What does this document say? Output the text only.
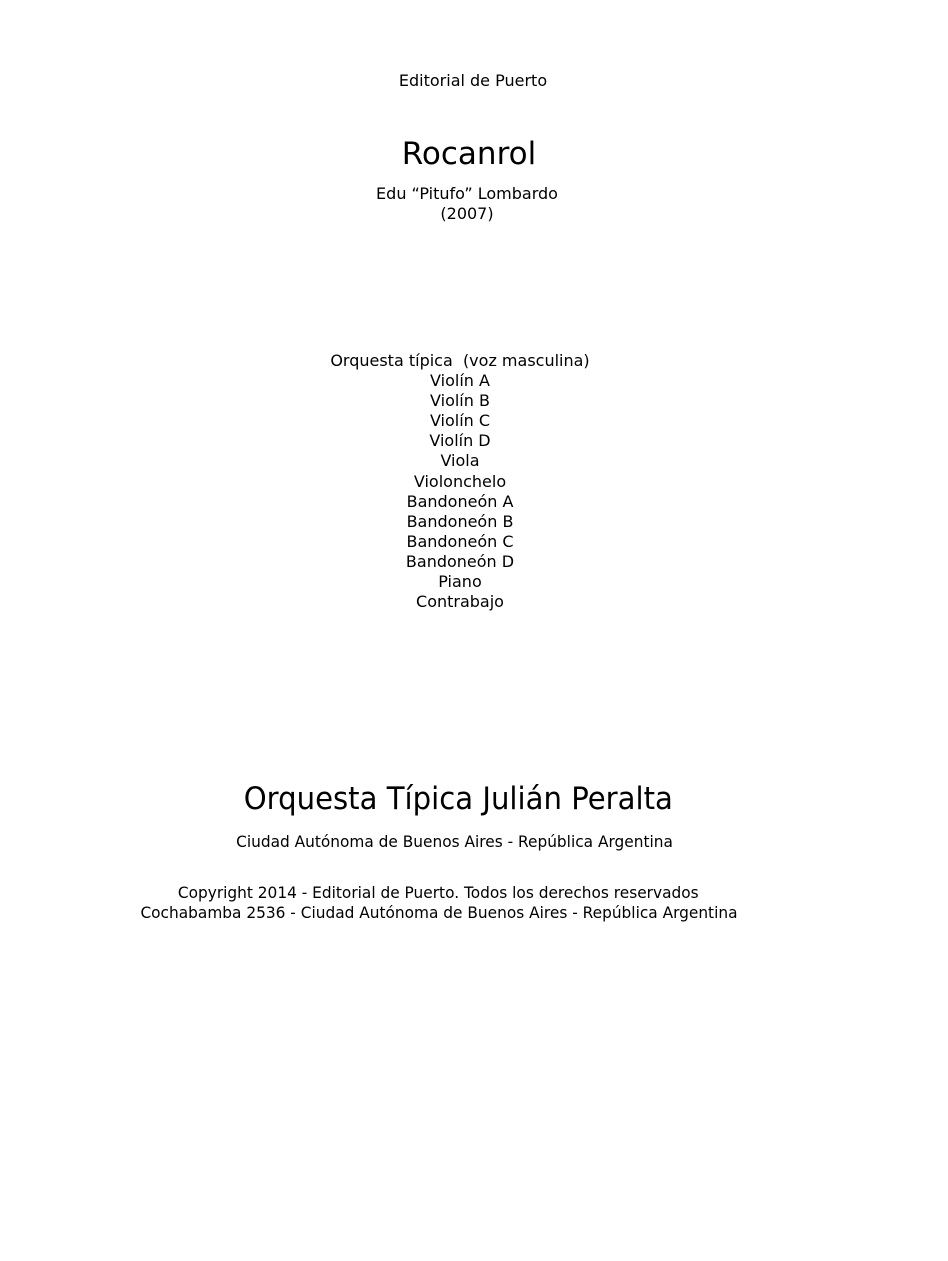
Editorial de Puerto
Rocanrol
Edu “Pitufo” Lombardo
(2007)
Orquesta típica  (voz masculina)
Violín A
Violín B
Violín C
Violín D
Viola
Violonchelo
Bandoneón A
Bandoneón B
Bandoneón C
Bandoneón D
Piano
Contrabajo
Orquesta Típica Julián Peralta
Ciudad Autónoma de Buenos Aires - República Argentina
Copyright 2014 - Editorial de Puerto. Todos los derechos reservados
Cochabamba 2536 - Ciudad Autónoma de Buenos Aires - República Argentina
